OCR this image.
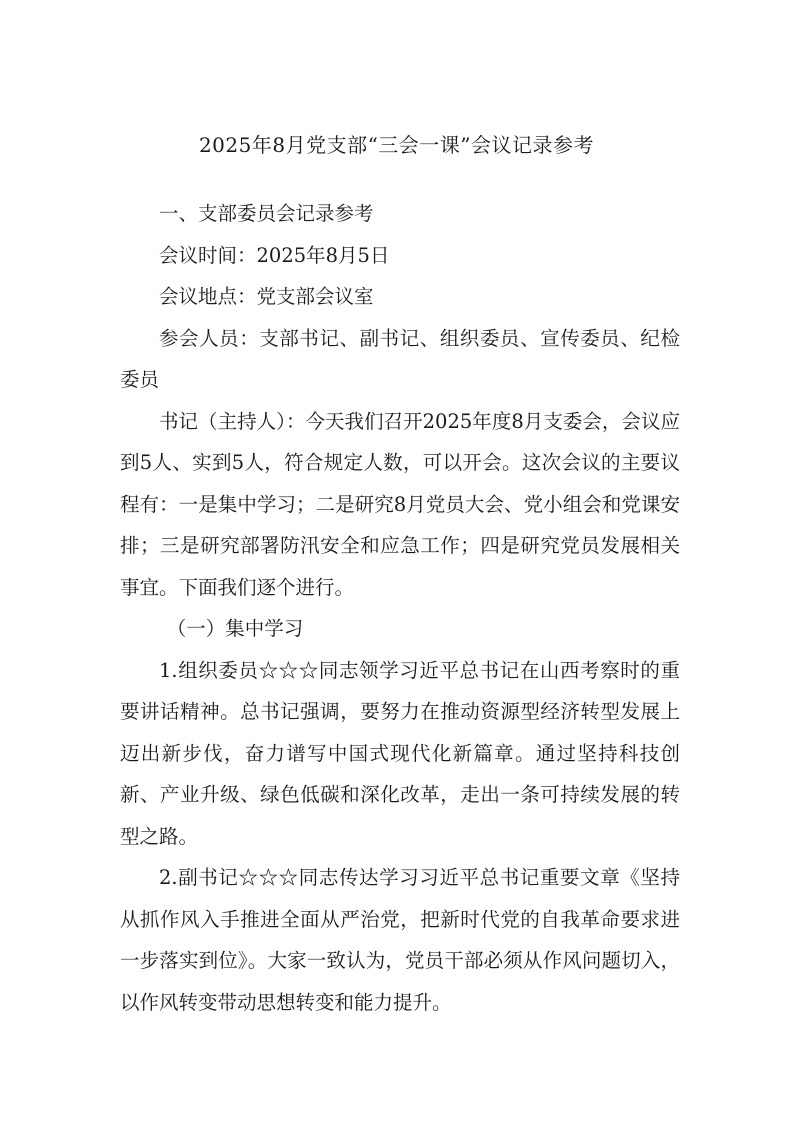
2025年8月党支部“三会一课”会议记录参考

一、支部委员会记录参考

会议时间：2025年8月5日

会议地点：党支部会议室

参会人员：支部书记、副书记、组织委员、宣传委员、纪检委员

书记（主持人）：今天我们召开2025年度8月支委会，会议应到5人、实到5人，符合规定人数，可以开会。这次会议的主要议程有：一是集中学习；二是研究8月党员大会、党小组会和党课安排；三是研究部署防汛安全和应急工作；四是研究党员发展相关事宜。下面我们逐个进行。

（一）集中学习

1.组织委员☆☆☆同志领学习近平总书记在山西考察时的重要讲话精神。总书记强调，要努力在推动资源型经济转型发展上迈出新步伐，奋力谱写中国式现代化新篇章。通过坚持科技创新、产业升级、绿色低碳和深化改革，走出一条可持续发展的转型之路。

2.副书记☆☆☆同志传达学习习近平总书记重要文章《坚持从抓作风入手推进全面从严治党，把新时代党的自我革命要求进一步落实到位》。大家一致认为，党员干部必须从作风问题切入，以作风转变带动思想转变和能力提升。
